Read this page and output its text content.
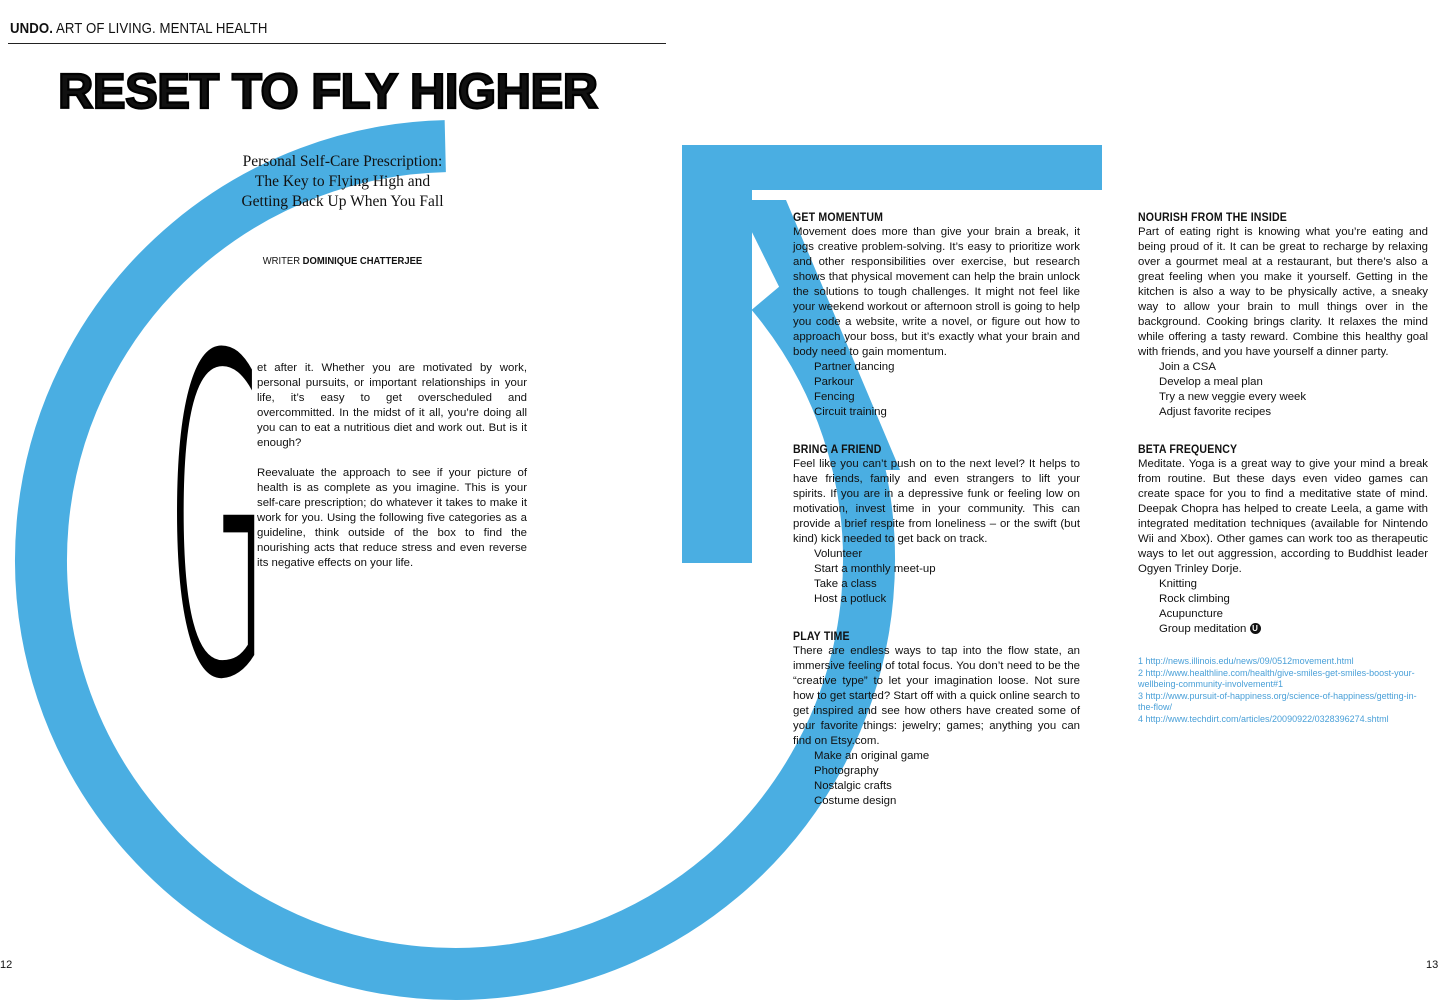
UNDO. ART OF LIVING. MENTAL HEALTH
RESET TO FLY HIGHER
Personal Self-Care Prescription:
The Key to Flying High and
Getting Back Up When You Fall
WRITER DOMINIQUE CHATTERJEE
G

et after it. Whether you are motivated by work, personal pursuits, or important relationships in your life, it’s easy to get overscheduled and overcommitted. In the midst of it all, you’re doing all you can to eat a nutritious diet and work out. But is it enough?

Reevaluate the approach to see if your picture of health is as complete as you imagine. This is your self-care prescription; do whatever it takes to make it work for you. Using the following five categories as a guideline, think outside of the box to find the nourishing acts that reduce stress and even reverse its negative effects on your life.

GET MOMENTUM

Movement does more than give your brain a break, it jogs creative problem-solving. It’s easy to prioritize work and other responsibilities over exercise, but research shows that physical movement can help the brain unlock the solutions to tough challenges. It might not feel like your weekend workout or afternoon stroll is going to help you code a website, write a novel, or figure out how to approach your boss, but it’s exactly what your brain and body need to gain momentum.

Partner dancing
Parkour
Fencing
Circuit training
BRING A FRIEND

Feel like you can’t push on to the next level? It helps to have friends, family and even strangers to lift your spirits. If you are in a depressive funk or feeling low on motivation, invest time in your community. This can provide a brief respite from loneliness – or the swift (but kind) kick needed to get back on track.

Volunteer
Start a monthly meet-up
Take a class
Host a potluck
PLAY TIME

There are endless ways to tap into the flow state, an immersive feeling of total focus. You don’t need to be the “creative type” to let your imagination loose. Not sure how to get started? Start off with a quick online search to get inspired and see how others have created some of your favorite things: jewelry; games; anything you can find on Etsy.com.

Make an original game
Photography
Nostalgic crafts
Costume design
NOURISH FROM THE INSIDE

Part of eating right is knowing what you’re eating and being proud of it. It can be great to recharge by relaxing over a gourmet meal at a restaurant, but there’s also a great feeling when you make it yourself. Getting in the kitchen is also a way to be physically active, a sneaky way to allow your brain to mull things over in the background. Cooking brings clarity. It relaxes the mind while offering a tasty reward. Combine this healthy goal with friends, and you have yourself a dinner party.

Join a CSA
Develop a meal plan
Try a new veggie every week
Adjust favorite recipes
BETA FREQUENCY

Meditate. Yoga is a great way to give your mind a break from routine. But these days even video games can create space for you to find a meditative state of mind. Deepak Chopra has helped to create Leela, a game with integrated meditation techniques (available for Nintendo Wii and Xbox). Other games can work too as therapeutic ways to let out aggression, according to Buddhist leader Ogyen Trinley Dorje.

Knitting
Rock climbing
Acupuncture
Group meditation U
1 http://news.illinois.edu/news/09/0512movement.html
2 http://www.healthline.com/health/give-smiles-get-smiles-boost-your-wellbeing-community-involvement#1
3 http://www.pursuit-of-happiness.org/science-of-happiness/getting-in-the-flow/
4 http://www.techdirt.com/articles/20090922/0328396274.shtml
12	13
